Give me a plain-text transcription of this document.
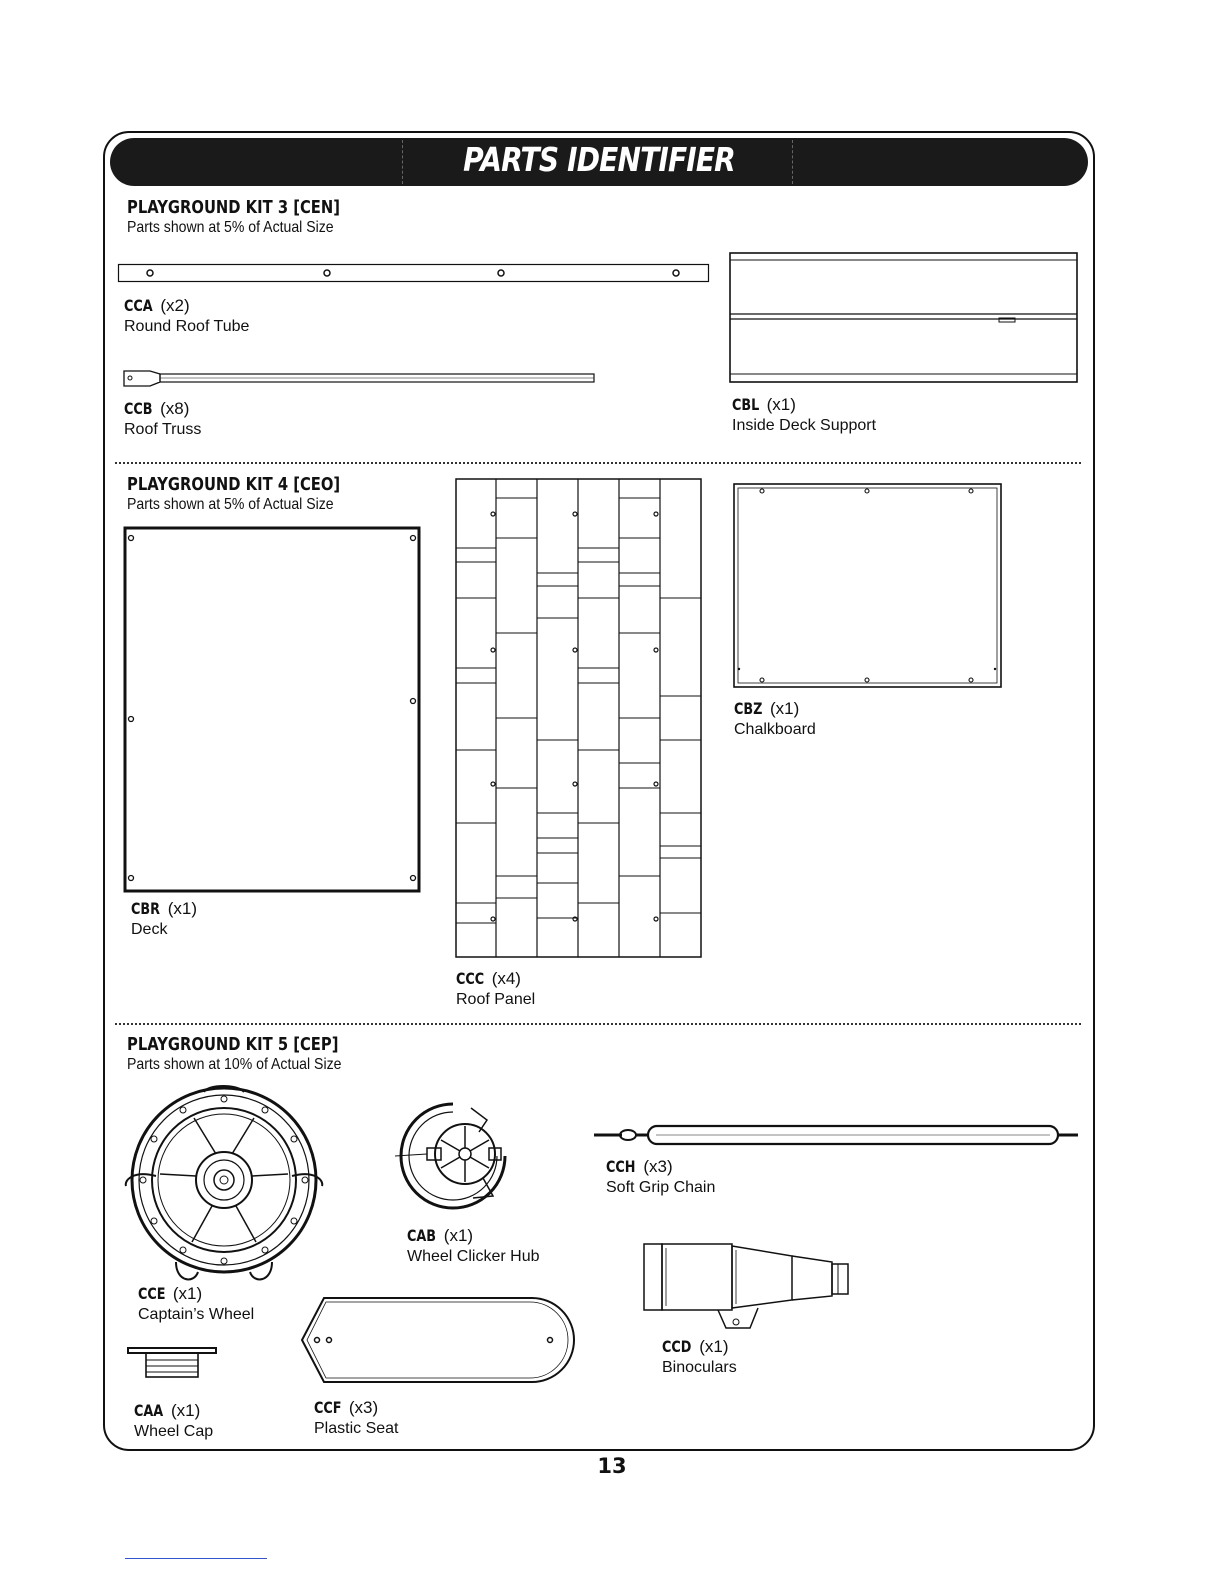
PARTS IDENTIFIER
PLAYGROUND KIT 3 [CEN]
Parts shown at 5% of Actual Size
CCA (x2)
Round Roof Tube
CCB (x8)
Roof Truss
CBL (x1)
Inside Deck Support
PLAYGROUND KIT 4 [CEO]
Parts shown at 5% of Actual Size
CBR (x1)
Deck
CCC (x4)
Roof Panel
CBZ (x1)
Chalkboard
PLAYGROUND KIT 5 [CEP]
Parts shown at 10% of Actual Size
CCE (x1)
Captain’s Wheel
CAB (x1)
Wheel Clicker Hub
CCH (x3)
Soft Grip Chain
CCD (x1)
Binoculars
CAA (x1)
Wheel Cap
CCF (x3)
Plastic Seat
13
